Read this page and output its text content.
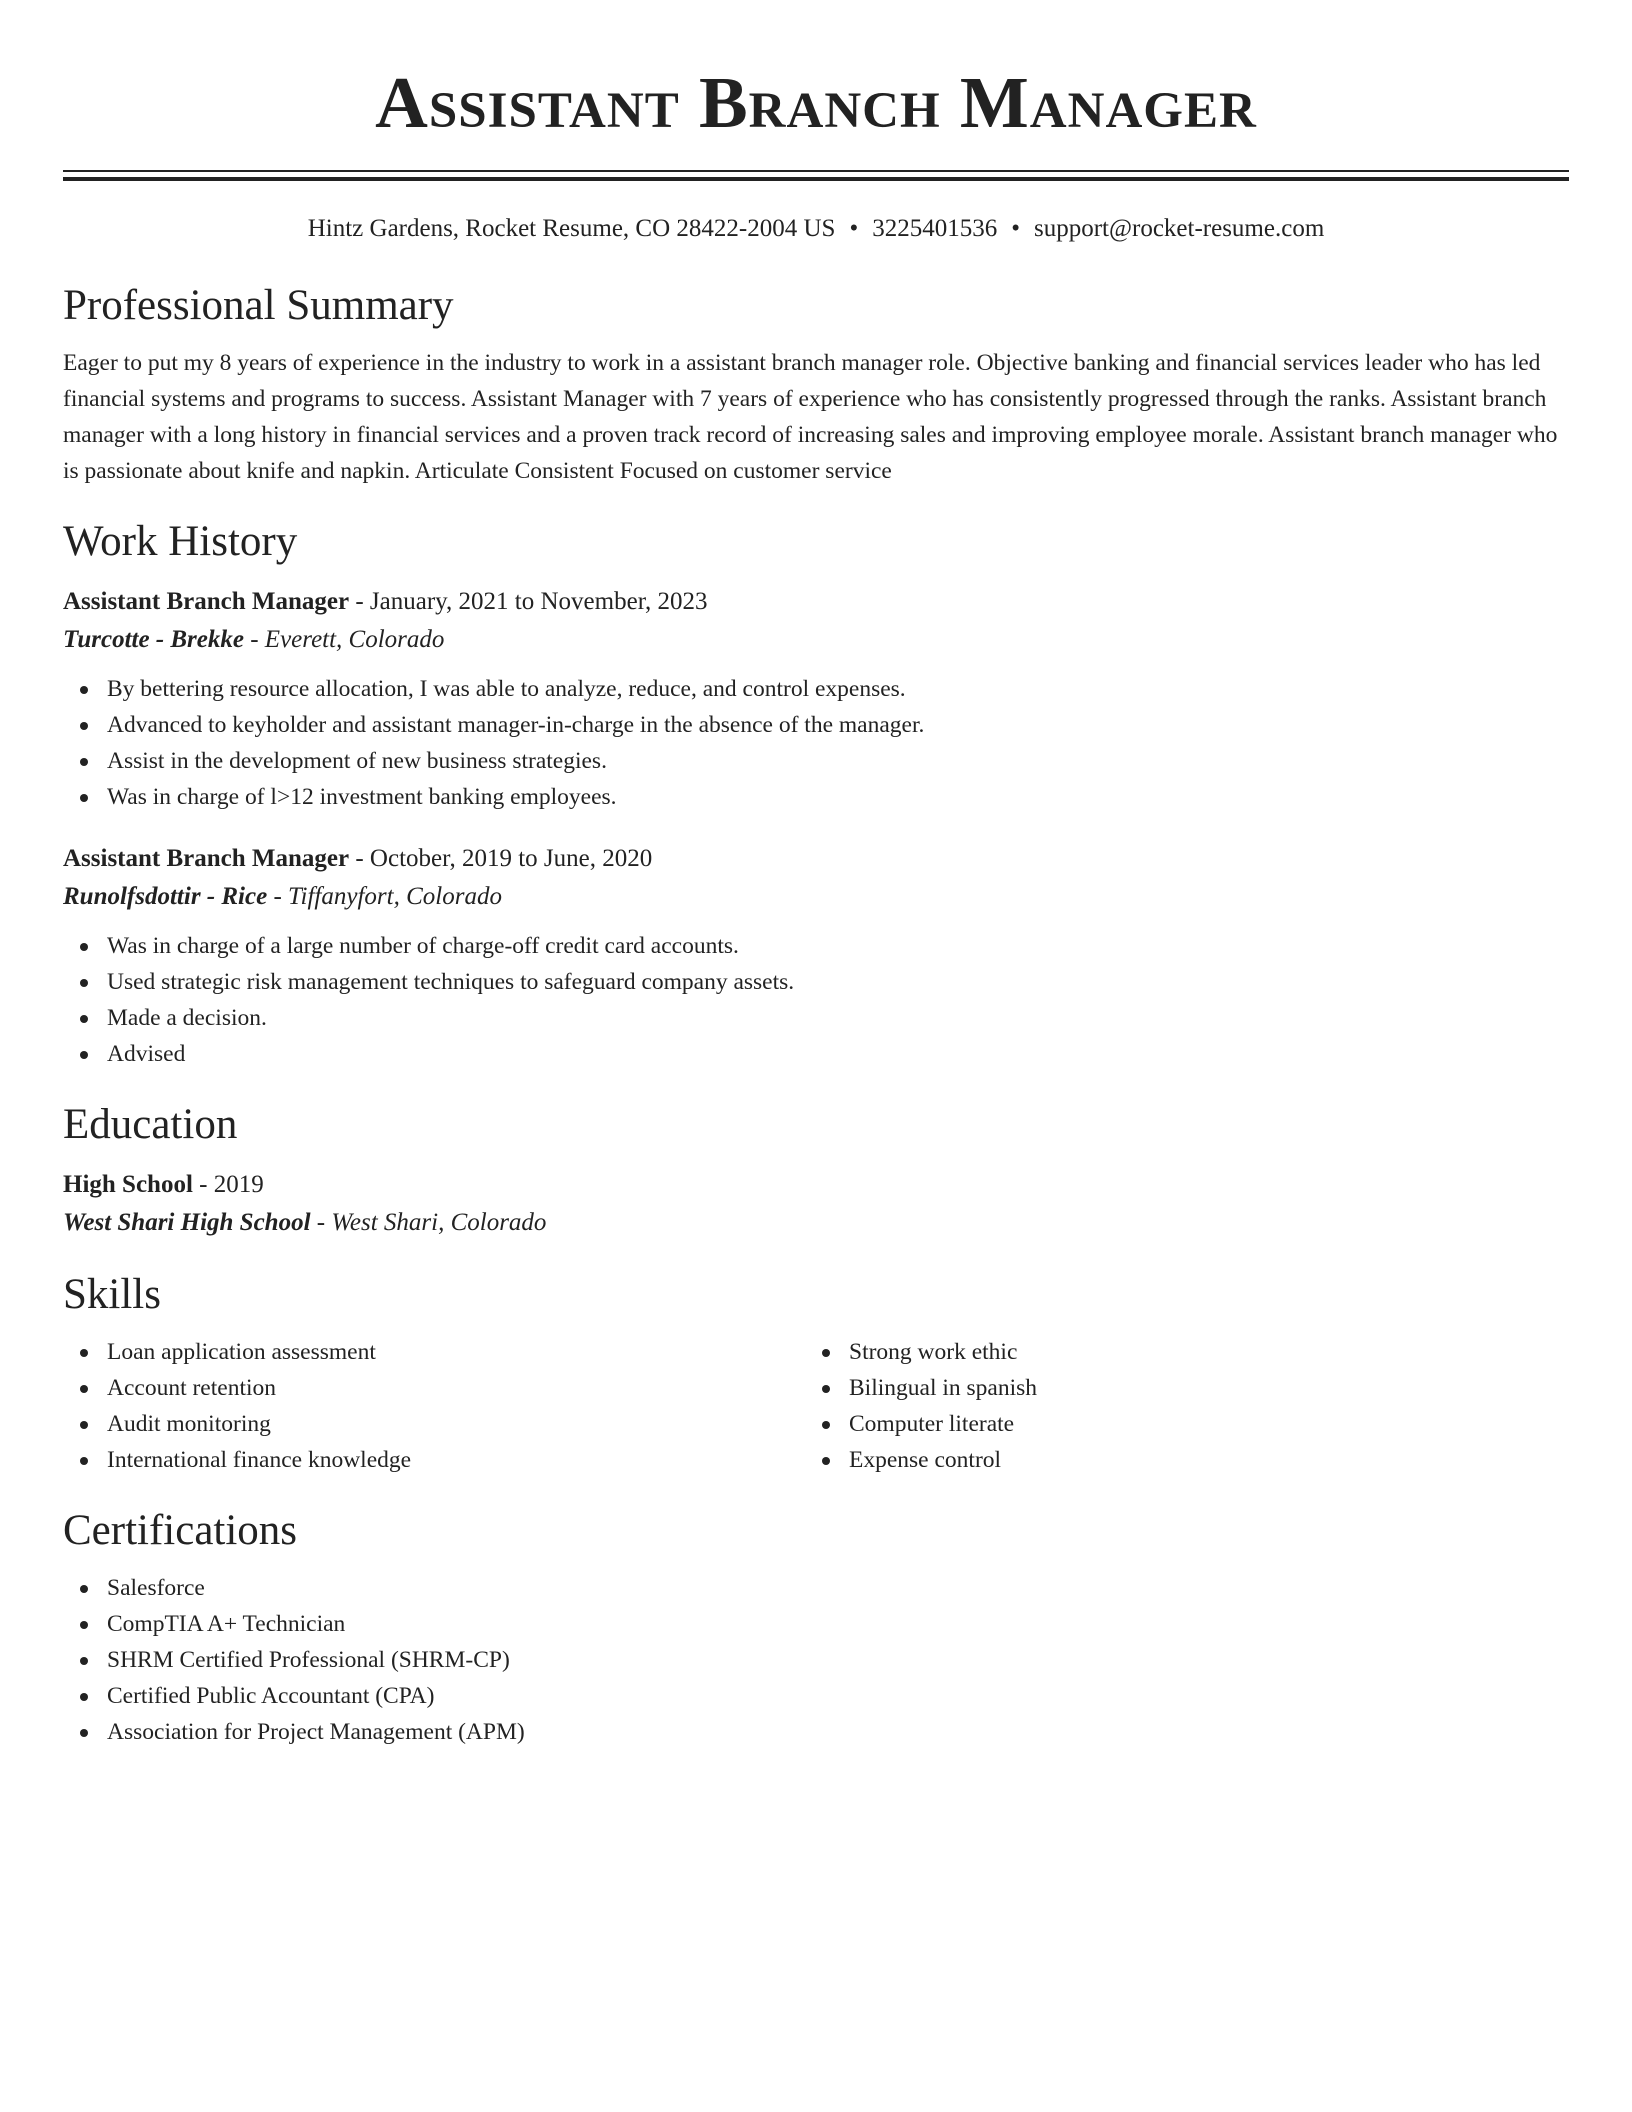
Assistant Branch Manager
Hintz Gardens, Rocket Resume, CO 28422-2004 US • 3225401536 • support@rocket-resume.com
Professional Summary

Eager to put my 8 years of experience in the industry to work in a assistant branch manager role. Objective banking and financial services leader who has led financial systems and programs to success. Assistant Manager with 7 years of experience who has consistently progressed through the ranks. Assistant branch manager with a long history in financial services and a proven track record of increasing sales and improving employee morale. Assistant branch manager who is passionate about knife and napkin. Articulate Consistent Focused on customer service

Work History
Assistant Branch Manager - January, 2021 to November, 2023
Turcotte - Brekke - Everett, Colorado
By bettering resource allocation, I was able to analyze, reduce, and control expenses.
Advanced to keyholder and assistant manager-in-charge in the absence of the manager.
Assist in the development of new business strategies.
Was in charge of l>12 investment banking employees.
Assistant Branch Manager - October, 2019 to June, 2020
Runolfsdottir - Rice - Tiffanyfort, Colorado
Was in charge of a large number of charge-off credit card accounts.
Used strategic risk management techniques to safeguard company assets.
Made a decision.
Advised
Education
High School - 2019
West Shari High School - West Shari, Colorado
Skills
Loan application assessment
Account retention
Audit monitoring
International finance knowledge
Strong work ethic
Bilingual in spanish
Computer literate
Expense control
Certifications
Salesforce
CompTIA A+ Technician
SHRM Certified Professional (SHRM-CP)
Certified Public Accountant (CPA)
Association for Project Management (APM)
